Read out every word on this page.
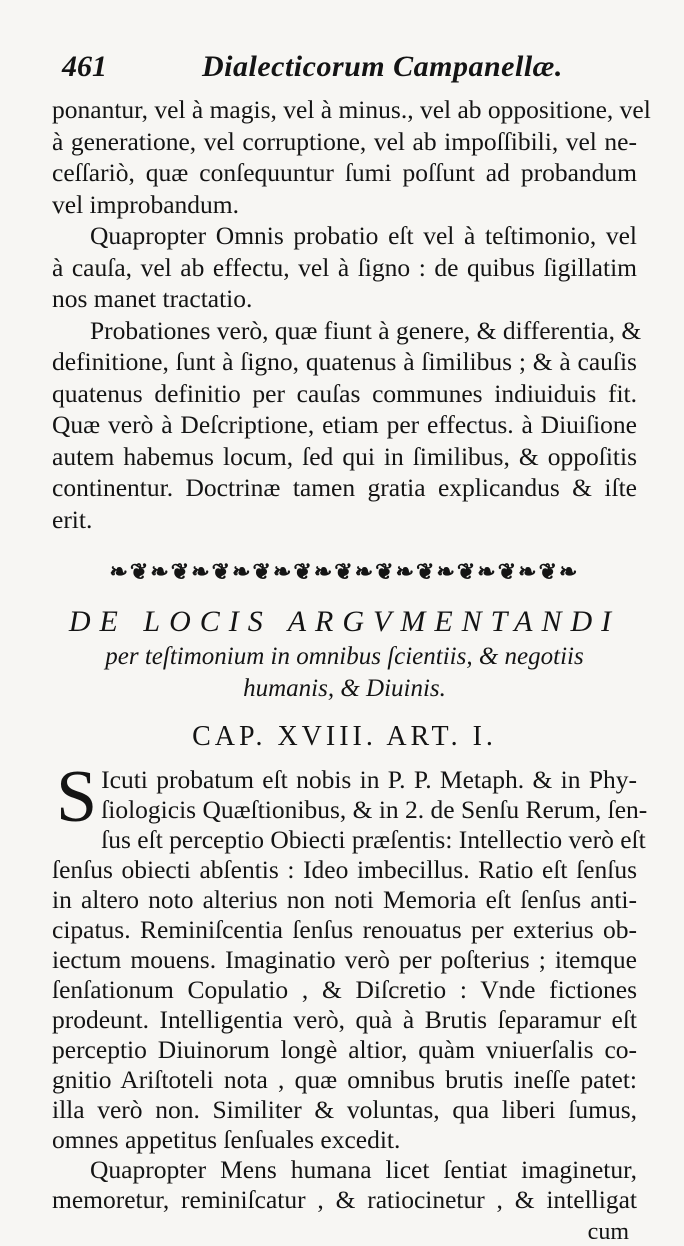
461	Dialecticorum Campanellæ.
ponantur, vel à magis, vel à minus., vel ab oppositione, vel
à generatione, vel corruptione, vel ab impoſſibili, vel ne-
ceſſariò, quæ conſequuntur ſumi poſſunt ad probandum
vel improbandum.
Quapropter Omnis probatio eſt vel à teſtimonio, vel
à cauſa, vel ab effectu, vel à ſigno : de quibus ſigillatim
nos manet tractatio.
Probationes verò, quæ fiunt à genere, & differentia, &
definitione, ſunt à ſigno, quatenus à ſimilibus ; & à cauſis
quatenus definitio per cauſas communes indiuiduis fit.
Quæ verò à Deſcriptione, etiam per effectus. à Diuiſione
autem habemus locum, ſed qui in ſimilibus, & oppoſitis
continentur. Doctrinæ tamen gratia explicandus & iſte
erit.
❧❦❧❦❧❦❧❦❧❦❧❦❧❦❧❦❧❦❧❦❧❦❧
DE LOCIS ARGVMENTANDI
per teſtimonium in omnibus ſcientiis, & negotiis
humanis, & Diuinis.
CAP. XVIII. ART. I.
S Icuti probatum eſt nobis in P. P. Metaph. & in Phy-
ſiologicis Quæſtionibus, & in 2. de Senſu Rerum, ſen-
ſus eſt perceptio Obiecti præſentis: Intellectio verò eſt
ſenſus obiecti abſentis : Ideo imbecillus. Ratio eſt ſenſus
in altero noto alterius non noti Memoria eſt ſenſus anti-
cipatus. Reminiſcentia ſenſus renouatus per exterius ob-
iectum mouens. Imaginatio verò per poſterius ; itemque
ſenſationum Copulatio , & Diſcretio : Vnde fictiones
prodeunt. Intelligentia verò, quà à Brutis ſeparamur eſt
perceptio Diuinorum longè altior, quàm vniuerſalis co-
gnitio Ariſtoteli nota , quæ omnibus brutis ineſſe patet:
illa verò non. Similiter & voluntas, qua liberi ſumus,
omnes appetitus ſenſuales excedit.
Quapropter Mens humana licet ſentiat imaginetur,
memoretur, reminiſcatur , & ratiocinetur , & intelligat
cum
